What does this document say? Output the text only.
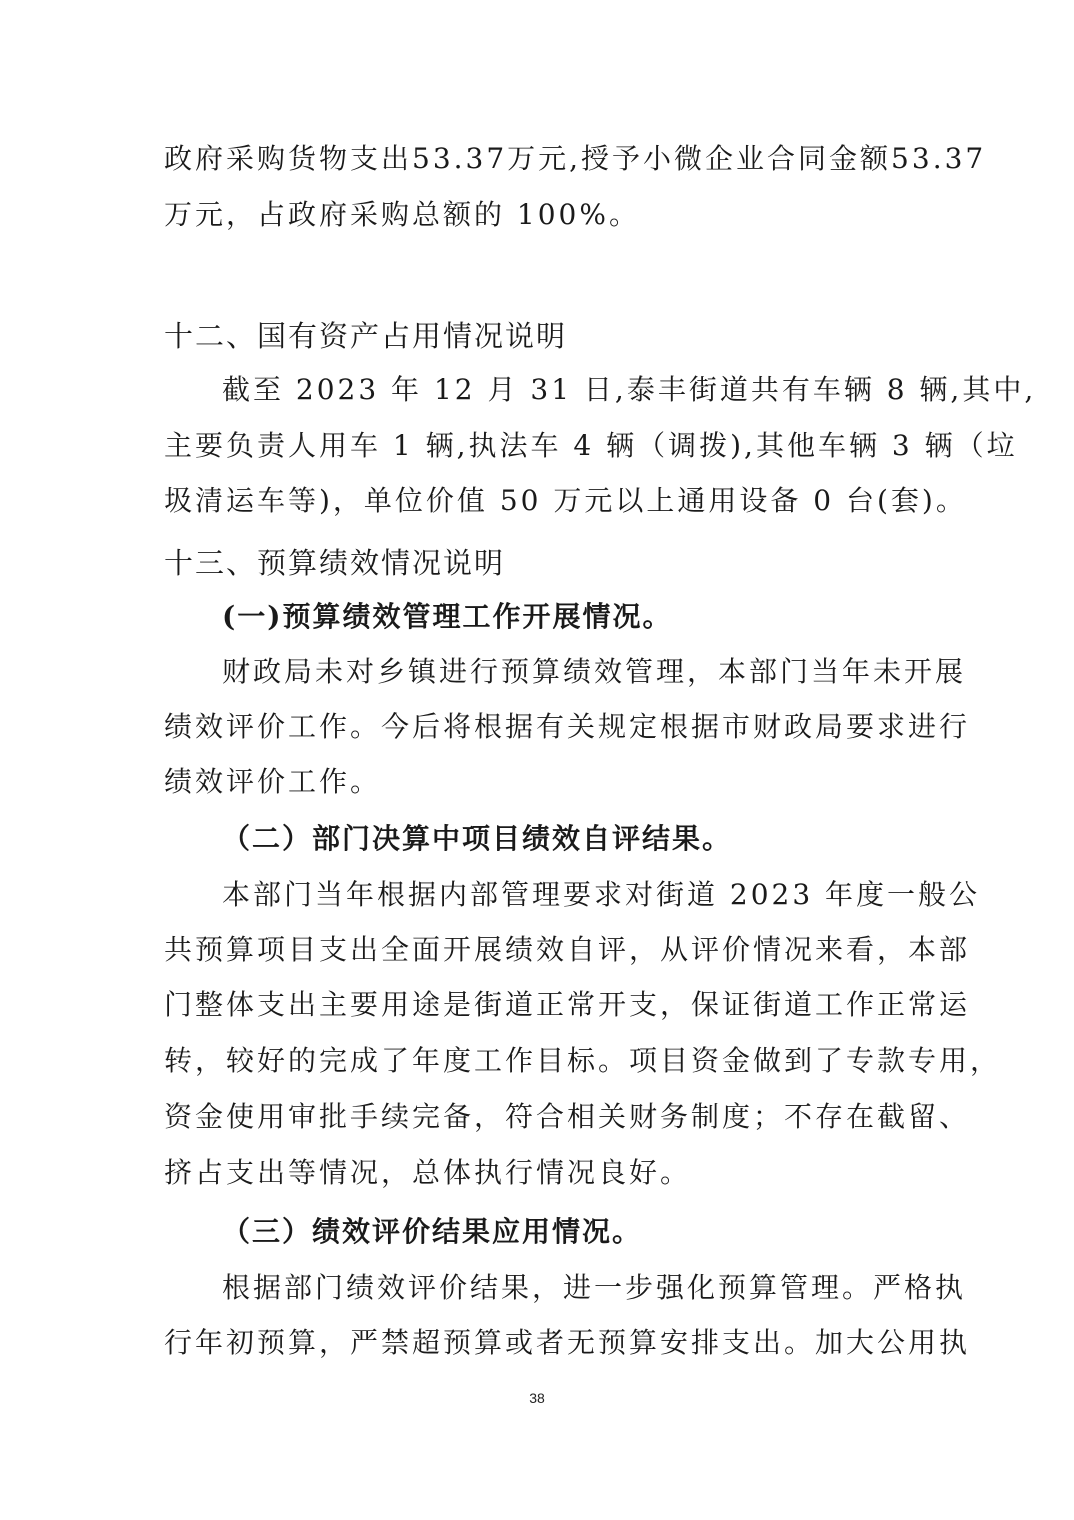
政府采购货物支出53.37万元,授予小微企业合同金额53.37
万元，占政府采购总额的 100%。
十二、国有资产占用情况说明
截至 2023 年 12 月 31 日,泰丰街道共有车辆 8 辆,其中,
主要负责人用车 1 辆,执法车 4 辆（调拨),其他车辆 3 辆（垃
圾清运车等)，单位价值 50 万元以上通用设备 0 台(套)。
十三、预算绩效情况说明
(一)预算绩效管理工作开展情况。
财政局未对乡镇进行预算绩效管理，本部门当年未开展
绩效评价工作。今后将根据有关规定根据市财政局要求进行
绩效评价工作。
（二）部门决算中项目绩效自评结果。
本部门当年根据内部管理要求对街道 2023 年度一般公
共预算项目支出全面开展绩效自评，从评价情况来看，本部
门整体支出主要用途是街道正常开支，保证街道工作正常运
转，较好的完成了年度工作目标。项目资金做到了专款专用，
资金使用审批手续完备，符合相关财务制度；不存在截留、
挤占支出等情况，总体执行情况良好。
（三）绩效评价结果应用情况。
根据部门绩效评价结果，进一步强化预算管理。严格执
行年初预算，严禁超预算或者无预算安排支出。加大公用执
38
